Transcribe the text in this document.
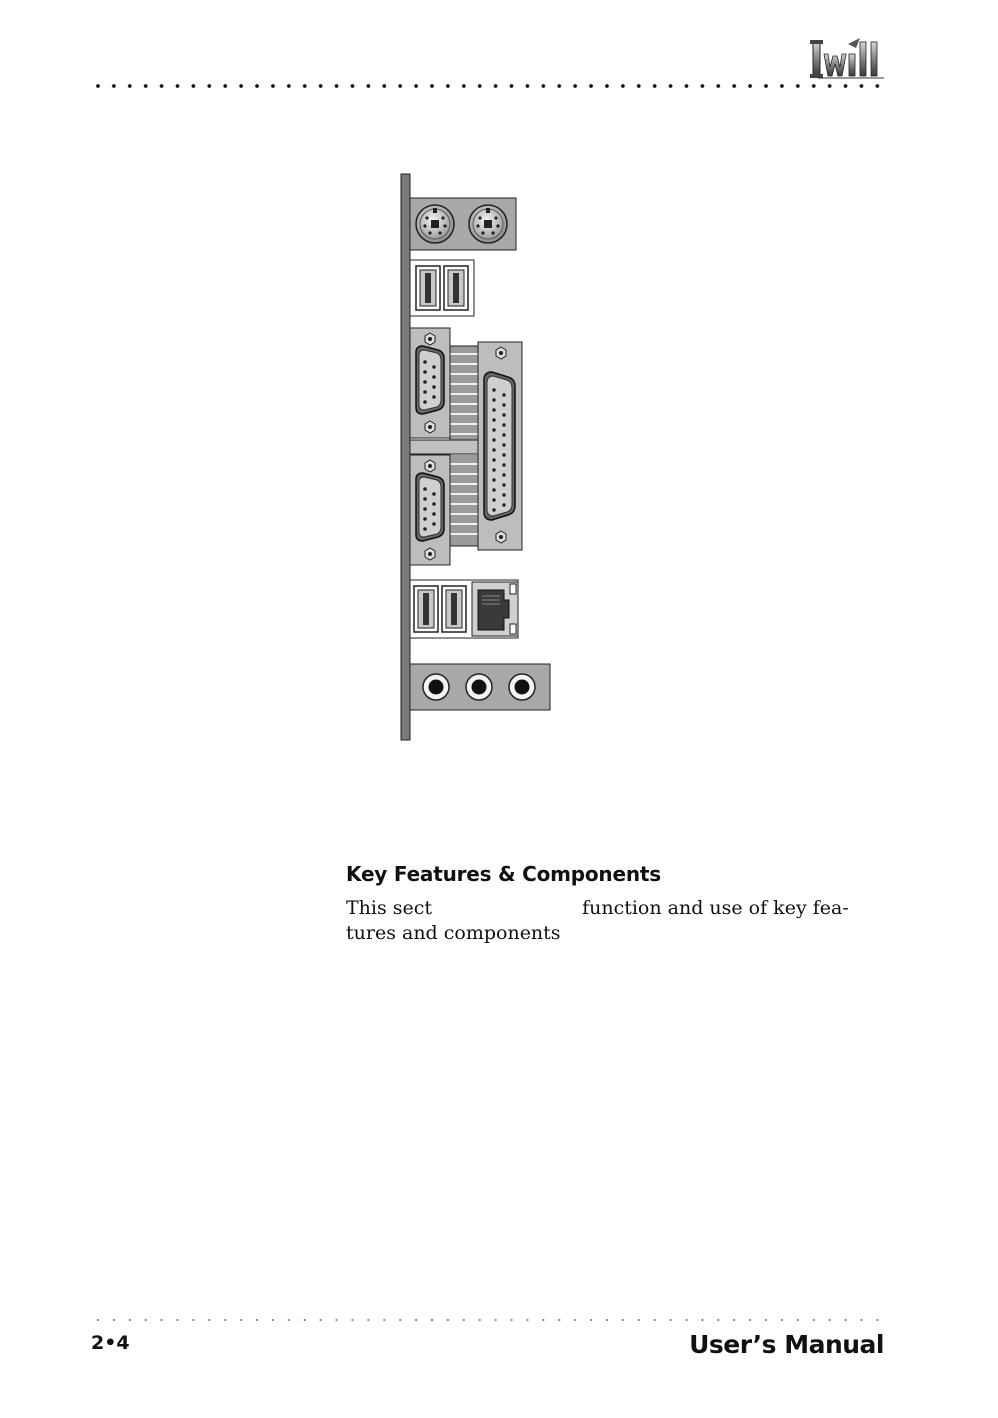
Key Features & Components

This sect	function and use of key fea-
tures and components

2•4	User’s Manual
